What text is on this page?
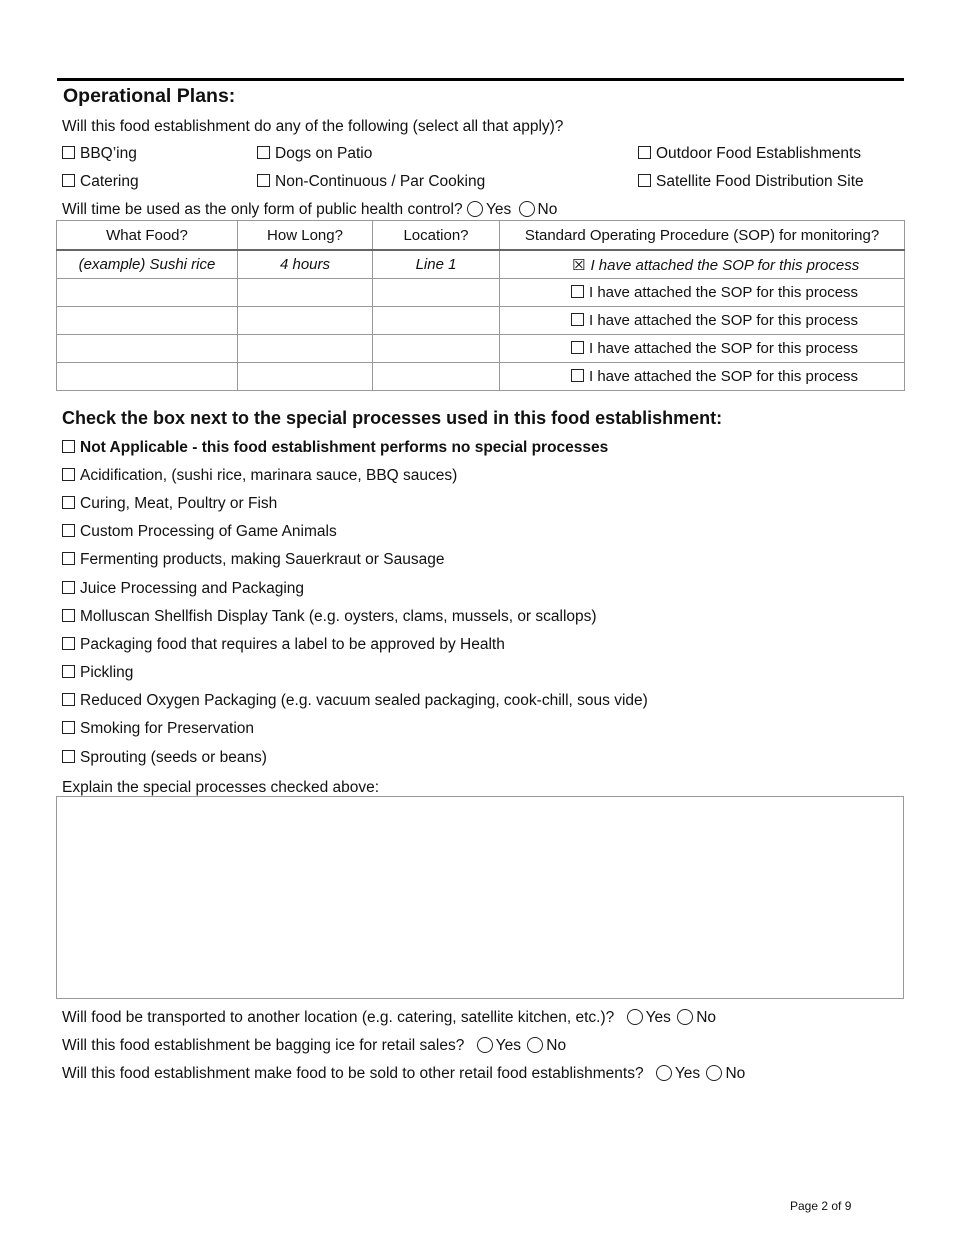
Operational Plans:
Will this food establishment do any of the following (select all that apply)?
BBQ’ing	Dogs on Patio	Outdoor Food Establishments
Catering	Non-Continuous / Par Cooking	Satellite Food Distribution Site
Will time be used as the only form of public health control? Yes No
What Food?	How Long?	Location?	Standard Operating Procedure (SOP) for monitoring?
(example) Sushi rice	4 hours	Line 1	☒ I have attached the SOP for this process
			I have attached the SOP for this process
			I have attached the SOP for this process
			I have attached the SOP for this process
			I have attached the SOP for this process
Check the box next to the special processes used in this food establishment:
Not Applicable - this food establishment performs no special processes
Acidification, (sushi rice, marinara sauce, BBQ sauces)
Curing, Meat, Poultry or Fish
Custom Processing of Game Animals
Fermenting products, making Sauerkraut or Sausage
Juice Processing and Packaging
Molluscan Shellfish Display Tank (e.g. oysters, clams, mussels, or scallops)
Packaging food that requires a label to be approved by Health
Pickling
Reduced Oxygen Packaging (e.g. vacuum sealed packaging, cook-chill, sous vide)
Smoking for Preservation
Sprouting (seeds or beans)
Explain the special processes checked above:
Will food be transported to another location (e.g. catering, satellite kitchen, etc.)? Yes No
Will this food establishment be bagging ice for retail sales? Yes No
Will this food establishment make food to be sold to other retail food establishments? Yes No
Page 2 of 9
